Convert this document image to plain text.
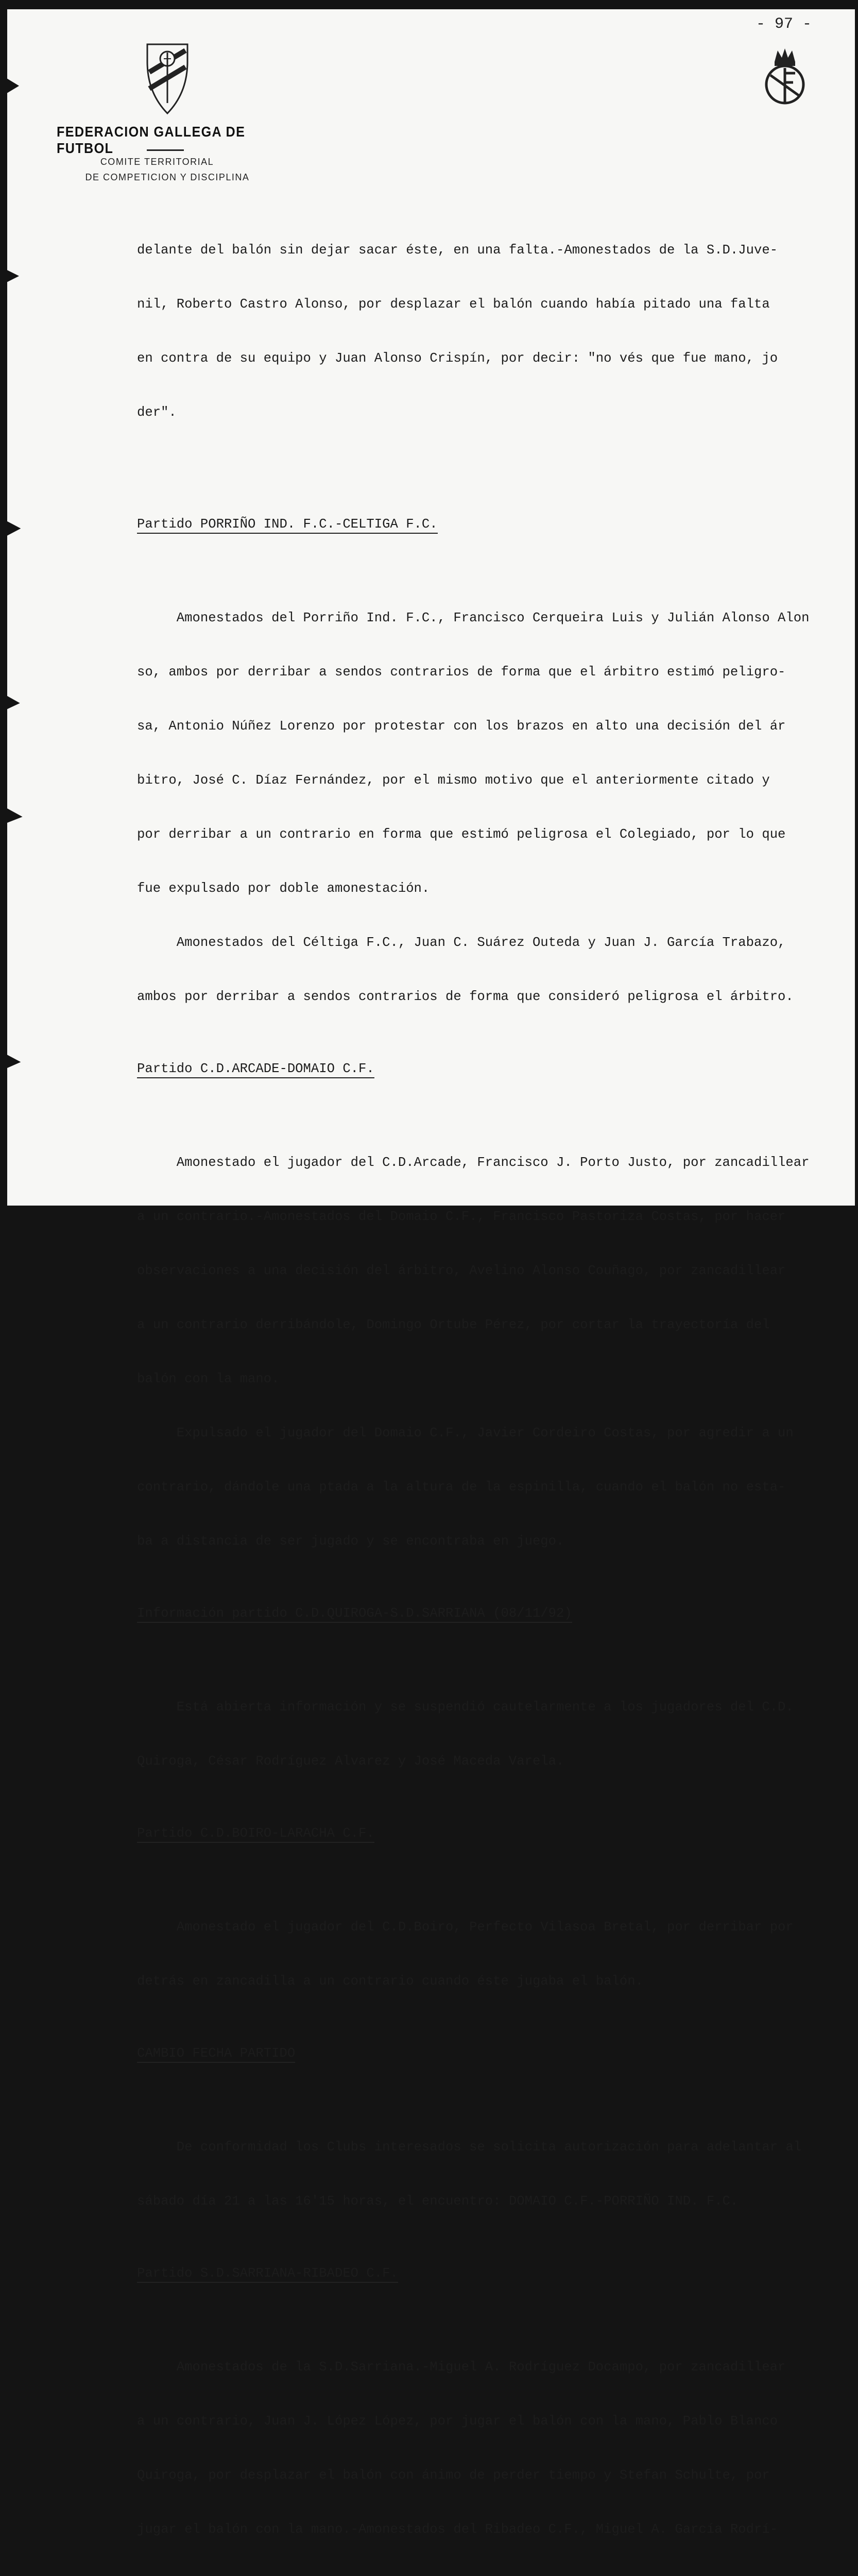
- 97 -
FEDERACION GALLEGA DE FUTBOL
COMITE TERRITORIAL
DE COMPETICION Y DISCIPLINA

delante del balón sin dejar sacar éste, en una falta.-Amonestados de la S.D.Juve-

nil, Roberto Castro Alonso, por desplazar el balón cuando había pitado una falta

en contra de su equipo y Juan Alonso Crispín, por decir: "no vés que fue mano, jo

der".

Partido PORRIÑO IND. F.C.-CELTIGA F.C.

Amonestados del Porriño Ind. F.C., Francisco Cerqueira Luis y Julián Alonso Alon

so, ambos por derribar a sendos contrarios de forma que el árbitro estimó peligro-

sa, Antonio Núñez Lorenzo por protestar con los brazos en alto una decisión del ár

bitro, José C. Díaz Fernández, por el mismo motivo que el anteriormente citado y

por derribar a un contrario en forma que estimó peligrosa el Colegiado, por lo que

fue expulsado por doble amonestación.

Amonestados del Céltiga F.C., Juan C. Suárez Outeda y Juan J. García Trabazo,

ambos por derribar a sendos contrarios de forma que consideró peligrosa el árbitro.

Partido C.D.ARCADE-DOMAIO C.F.

Amonestado el jugador del C.D.Arcade, Francisco J. Porto Justo, por zancadillear

a un contrario.-Amonestados del Domaio C.F., Francisco Pastoriza Costas, por hacer

observaciones a una decisión del árbitro, Avelino Alonso Couñago, por zancadillear

a un contrario derribándole, Domingo Ortube Pérez, por cortar la trayectoría del

balón con la mano.

Expulsado el jugador del Domaio C.F., Javier Cordeiro Costas, por agredir a un

contrario, dándole una ptada a la altura de la espinilla, cuando el balón no esta-

ba a distancia de ser jugado y se encontraba en juego.

Información partido C.D.QUIROGA-S.D.SARRIANA (08/11/92)

Está abierta información y se suspendió cautelarmente a los jugadores del C.D.

Quiroga, César Rodríguez Alvarez y José Maceda Varela.

Partido C.D.BOIRO-LARACHA C.F.

Amonestado el jugador del C.D.Boiro, Perfecto Vilasoa Bretal, por derribar por

detrás en zancadilla a un contrario cuando éste jugaba el balón.

CAMBIO FECHA PARTIDO

De conformidad los Clubs interesados se solicita autorización para adelantar al

sábado día 21 a las 16'15 horas, el encuentro: DOMAIO C.F.-PORRIÑO IND. F.C.

Partido S.D.SARRIANA-RIBADEO C.F.

Amonestados de la S.D.Sarriana.-Miguel A. Rodríguez Docampo, por zancadillear

a un contrario, Juan J. López López, por jugar el balón con la mano, Pablo Blanco

Quiroga, por desplazar el balón con ánimo de perder tiempo y Stefan Schulte, por

jugar el balón con la mano.-Amonestados del Ribadeo C.F., Miguel A. García Rodrí-
